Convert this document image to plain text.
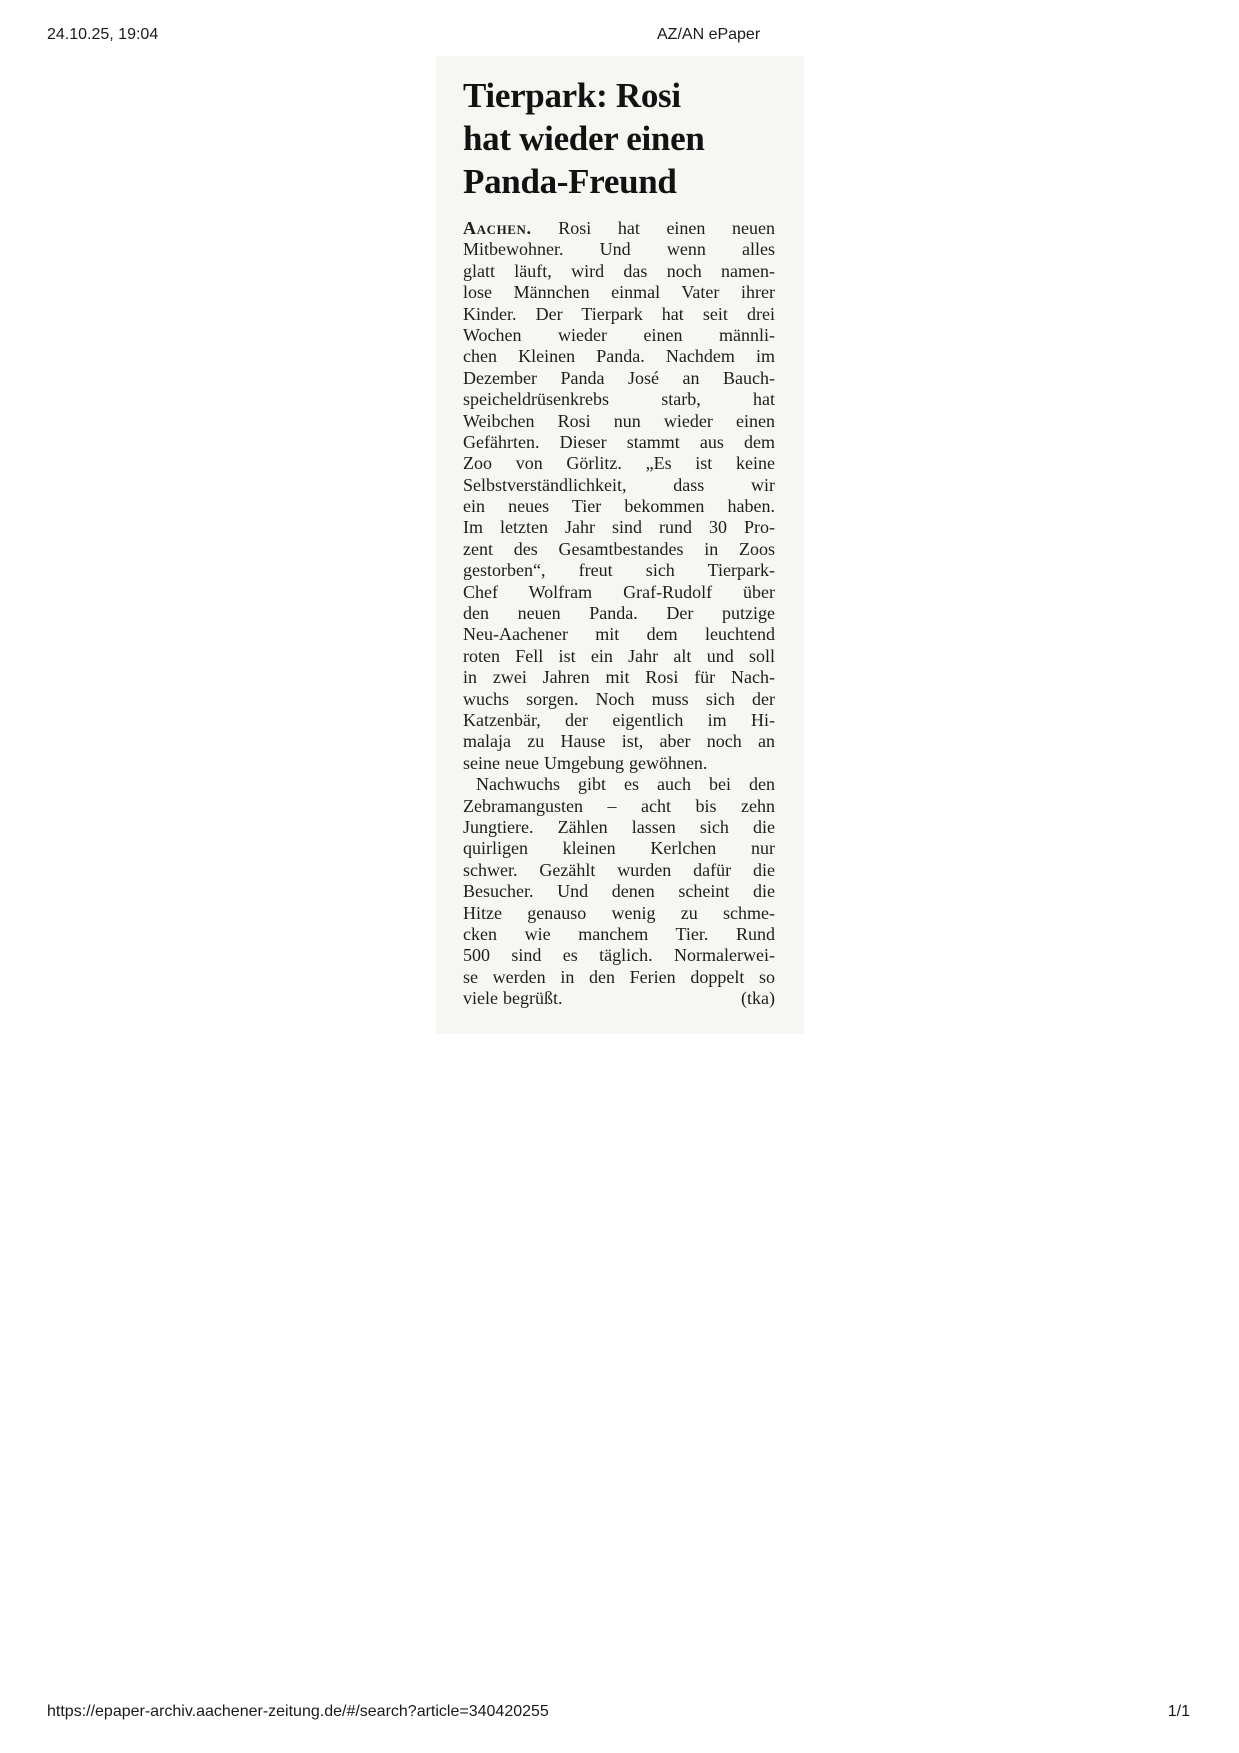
24.10.25, 19:04	AZ/AN ePaper
Tierpark: Rosi
hat wieder einen
Panda-Freund
Aachen. Rosi hat einen neuen
Mitbewohner. Und wenn alles
glatt läuft, wird das noch namen-
lose Männchen einmal Vater ihrer
Kinder. Der Tierpark hat seit drei
Wochen wieder einen männli-
chen Kleinen Panda. Nachdem im
Dezember Panda José an Bauch-
speicheldrüsenkrebs starb, hat
Weibchen Rosi nun wieder einen
Gefährten. Dieser stammt aus dem
Zoo von Görlitz. „Es ist keine
Selbstverständlichkeit, dass wir
ein neues Tier bekommen haben.
Im letzten Jahr sind rund 30 Pro-
zent des Gesamtbestandes in Zoos
gestorben“, freut sich Tierpark-
Chef Wolfram Graf-Rudolf über
den neuen Panda. Der putzige
Neu-Aachener mit dem leuchtend
roten Fell ist ein Jahr alt und soll
in zwei Jahren mit Rosi für Nach-
wuchs sorgen. Noch muss sich der
Katzenbär, der eigentlich im Hi-
malaja zu Hause ist, aber noch an
seine neue Umgebung gewöhnen.
Nachwuchs gibt es auch bei den
Zebramangusten – acht bis zehn
Jungtiere. Zählen lassen sich die
quirligen kleinen Kerlchen nur
schwer. Gezählt wurden dafür die
Besucher. Und denen scheint die
Hitze genauso wenig zu schme-
cken wie manchem Tier. Rund
500 sind es täglich. Normalerwei-
se werden in den Ferien doppelt so
viele begrüßt.	(tka)
https://epaper-archiv.aachener-zeitung.de/#/search?article=340420255	1/1
